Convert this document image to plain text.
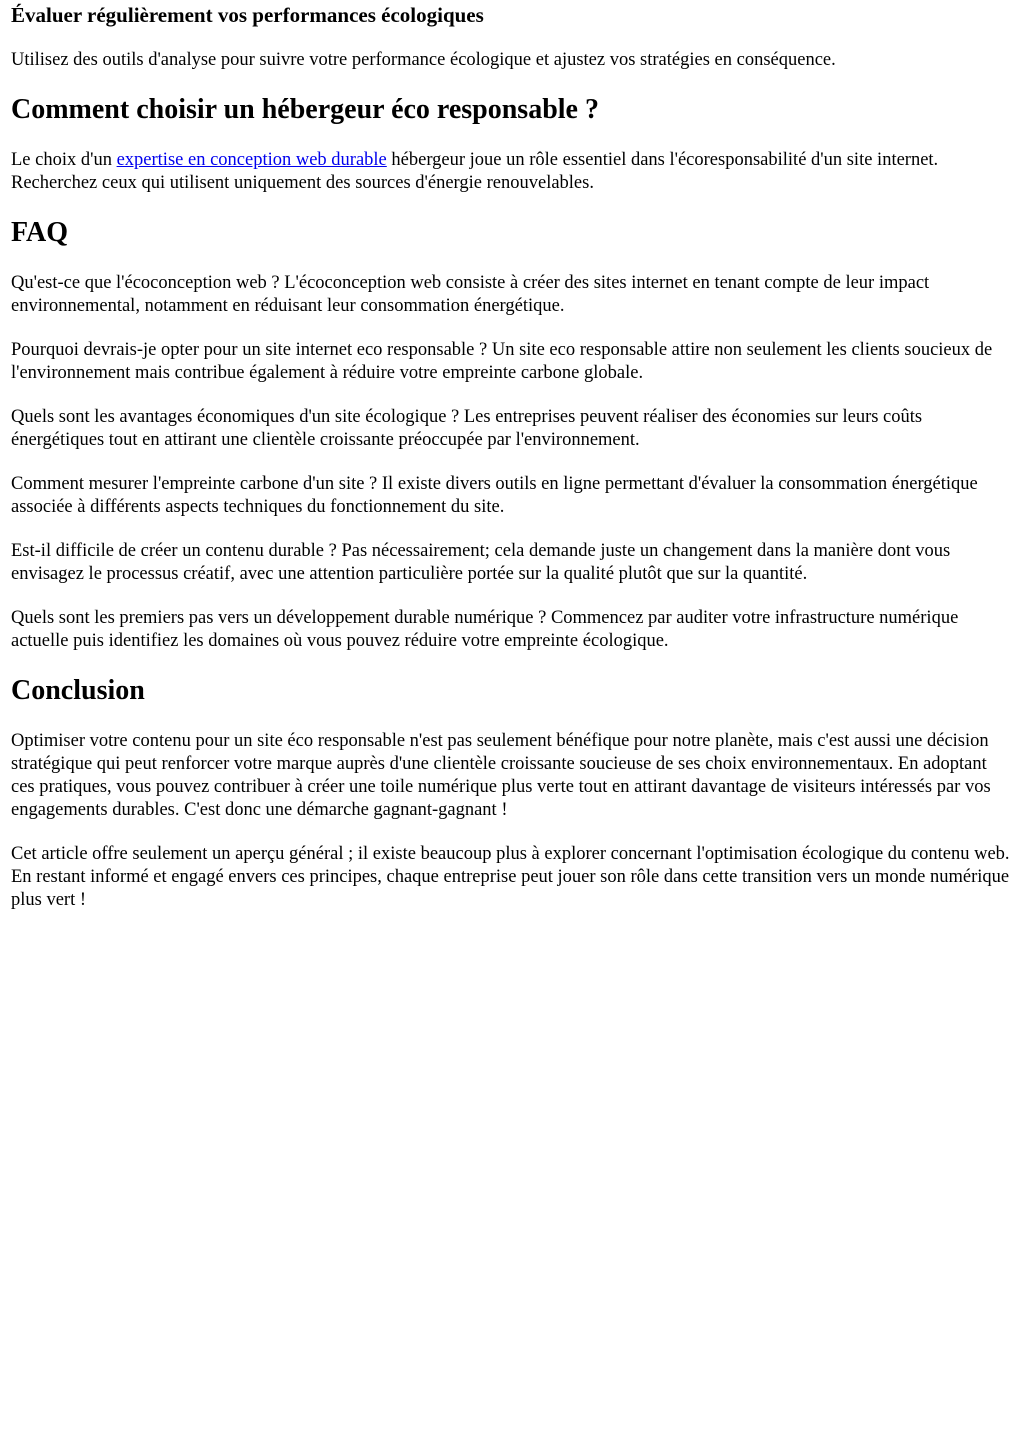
Évaluer régulièrement vos performances écologiques

Utilisez des outils d'analyse pour suivre votre performance écologique et ajustez vos stratégies en conséquence.

Comment choisir un hébergeur éco responsable ?

Le choix d'un expertise en conception web durable hébergeur joue un rôle essentiel dans l'écoresponsabilité d'un site internet. Recherchez ceux qui utilisent uniquement des sources d'énergie renouvelables.

FAQ

Qu'est-ce que l'écoconception web ? L'écoconception web consiste à créer des sites internet en tenant compte de leur impact environnemental, notamment en réduisant leur consommation énergétique.

Pourquoi devrais-je opter pour un site internet eco responsable ? Un site eco responsable attire non seulement les clients soucieux de l'environnement mais contribue également à réduire votre empreinte carbone globale.

Quels sont les avantages économiques d'un site écologique ? Les entreprises peuvent réaliser des économies sur leurs coûts énergétiques tout en attirant une clientèle croissante préoccupée par l'environnement.

Comment mesurer l'empreinte carbone d'un site ? Il existe divers outils en ligne permettant d'évaluer la consommation énergétique associée à différents aspects techniques du fonctionnement du site.

Est-il difficile de créer un contenu durable ? Pas nécessairement; cela demande juste un changement dans la manière dont vous envisagez le processus créatif, avec une attention particulière portée sur la qualité plutôt que sur la quantité.

Quels sont les premiers pas vers un développement durable numérique ? Commencez par auditer votre infrastructure numérique actuelle puis identifiez les domaines où vous pouvez réduire votre empreinte écologique.

Conclusion

Optimiser votre contenu pour un site éco responsable n'est pas seulement bénéfique pour notre planète, mais c'est aussi une décision stratégique qui peut renforcer votre marque auprès d'une clientèle croissante soucieuse de ses choix environnementaux. En adoptant ces pratiques, vous pouvez contribuer à créer une toile numérique plus verte tout en attirant davantage de visiteurs intéressés par vos engagements durables. C'est donc une démarche gagnant-gagnant !

Cet article offre seulement un aperçu général ; il existe beaucoup plus à explorer concernant l'optimisation écologique du contenu web. En restant informé et engagé envers ces principes, chaque entreprise peut jouer son rôle dans cette transition vers un monde numérique plus vert !
